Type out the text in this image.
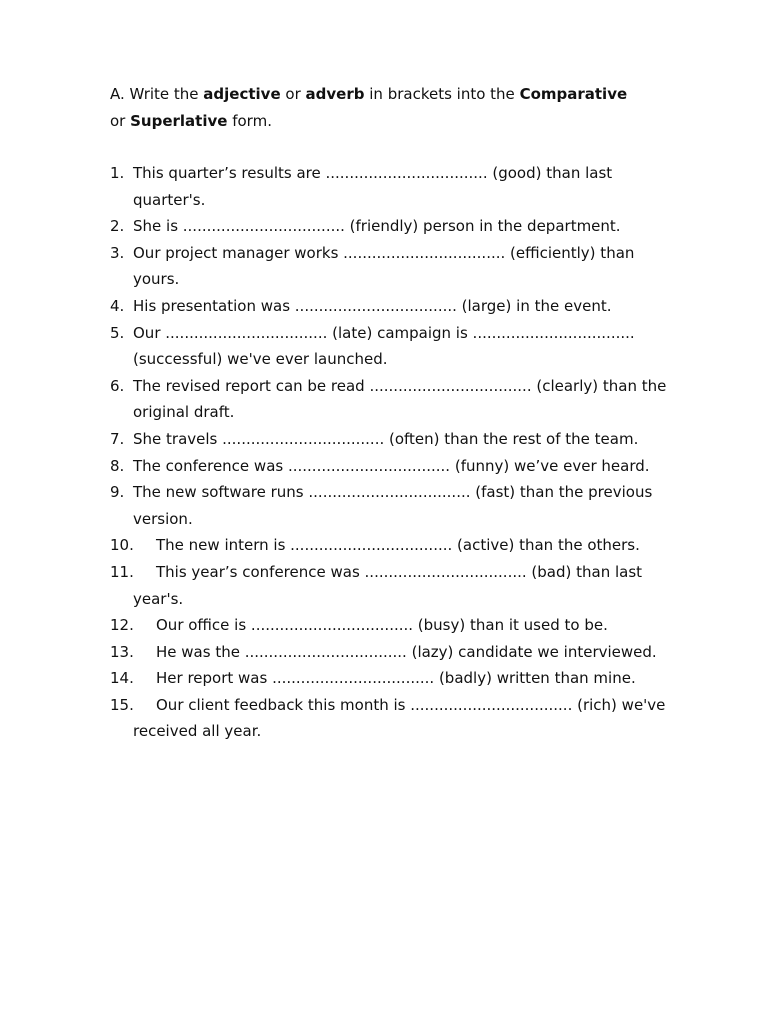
A. Write the adjective or adverb in brackets into the Comparative
or Superlative form.

1. This quarter’s results are .................................. (good) than last quarter's.
2. She is .................................. (friendly) person in the department.
3. Our project manager works .................................. (efficiently) than yours.
4. His presentation was .................................. (large) in the event.
5. Our .................................. (late) campaign is .................................. (successful) we've ever launched.
6. The revised report can be read .................................. (clearly) than the original draft.
7. She travels .................................. (often) than the rest of the team.
8. The conference was .................................. (funny) we’ve ever heard.
9. The new software runs .................................. (fast) than the previous version.
10. The new intern is .................................. (active) than the others.
11. This year’s conference was .................................. (bad) than last year's.
12. Our office is .................................. (busy) than it used to be.
13. He was the .................................. (lazy) candidate we interviewed.
14. Her report was .................................. (badly) written than mine.
15. Our client feedback this month is .................................. (rich) we've received all year.
